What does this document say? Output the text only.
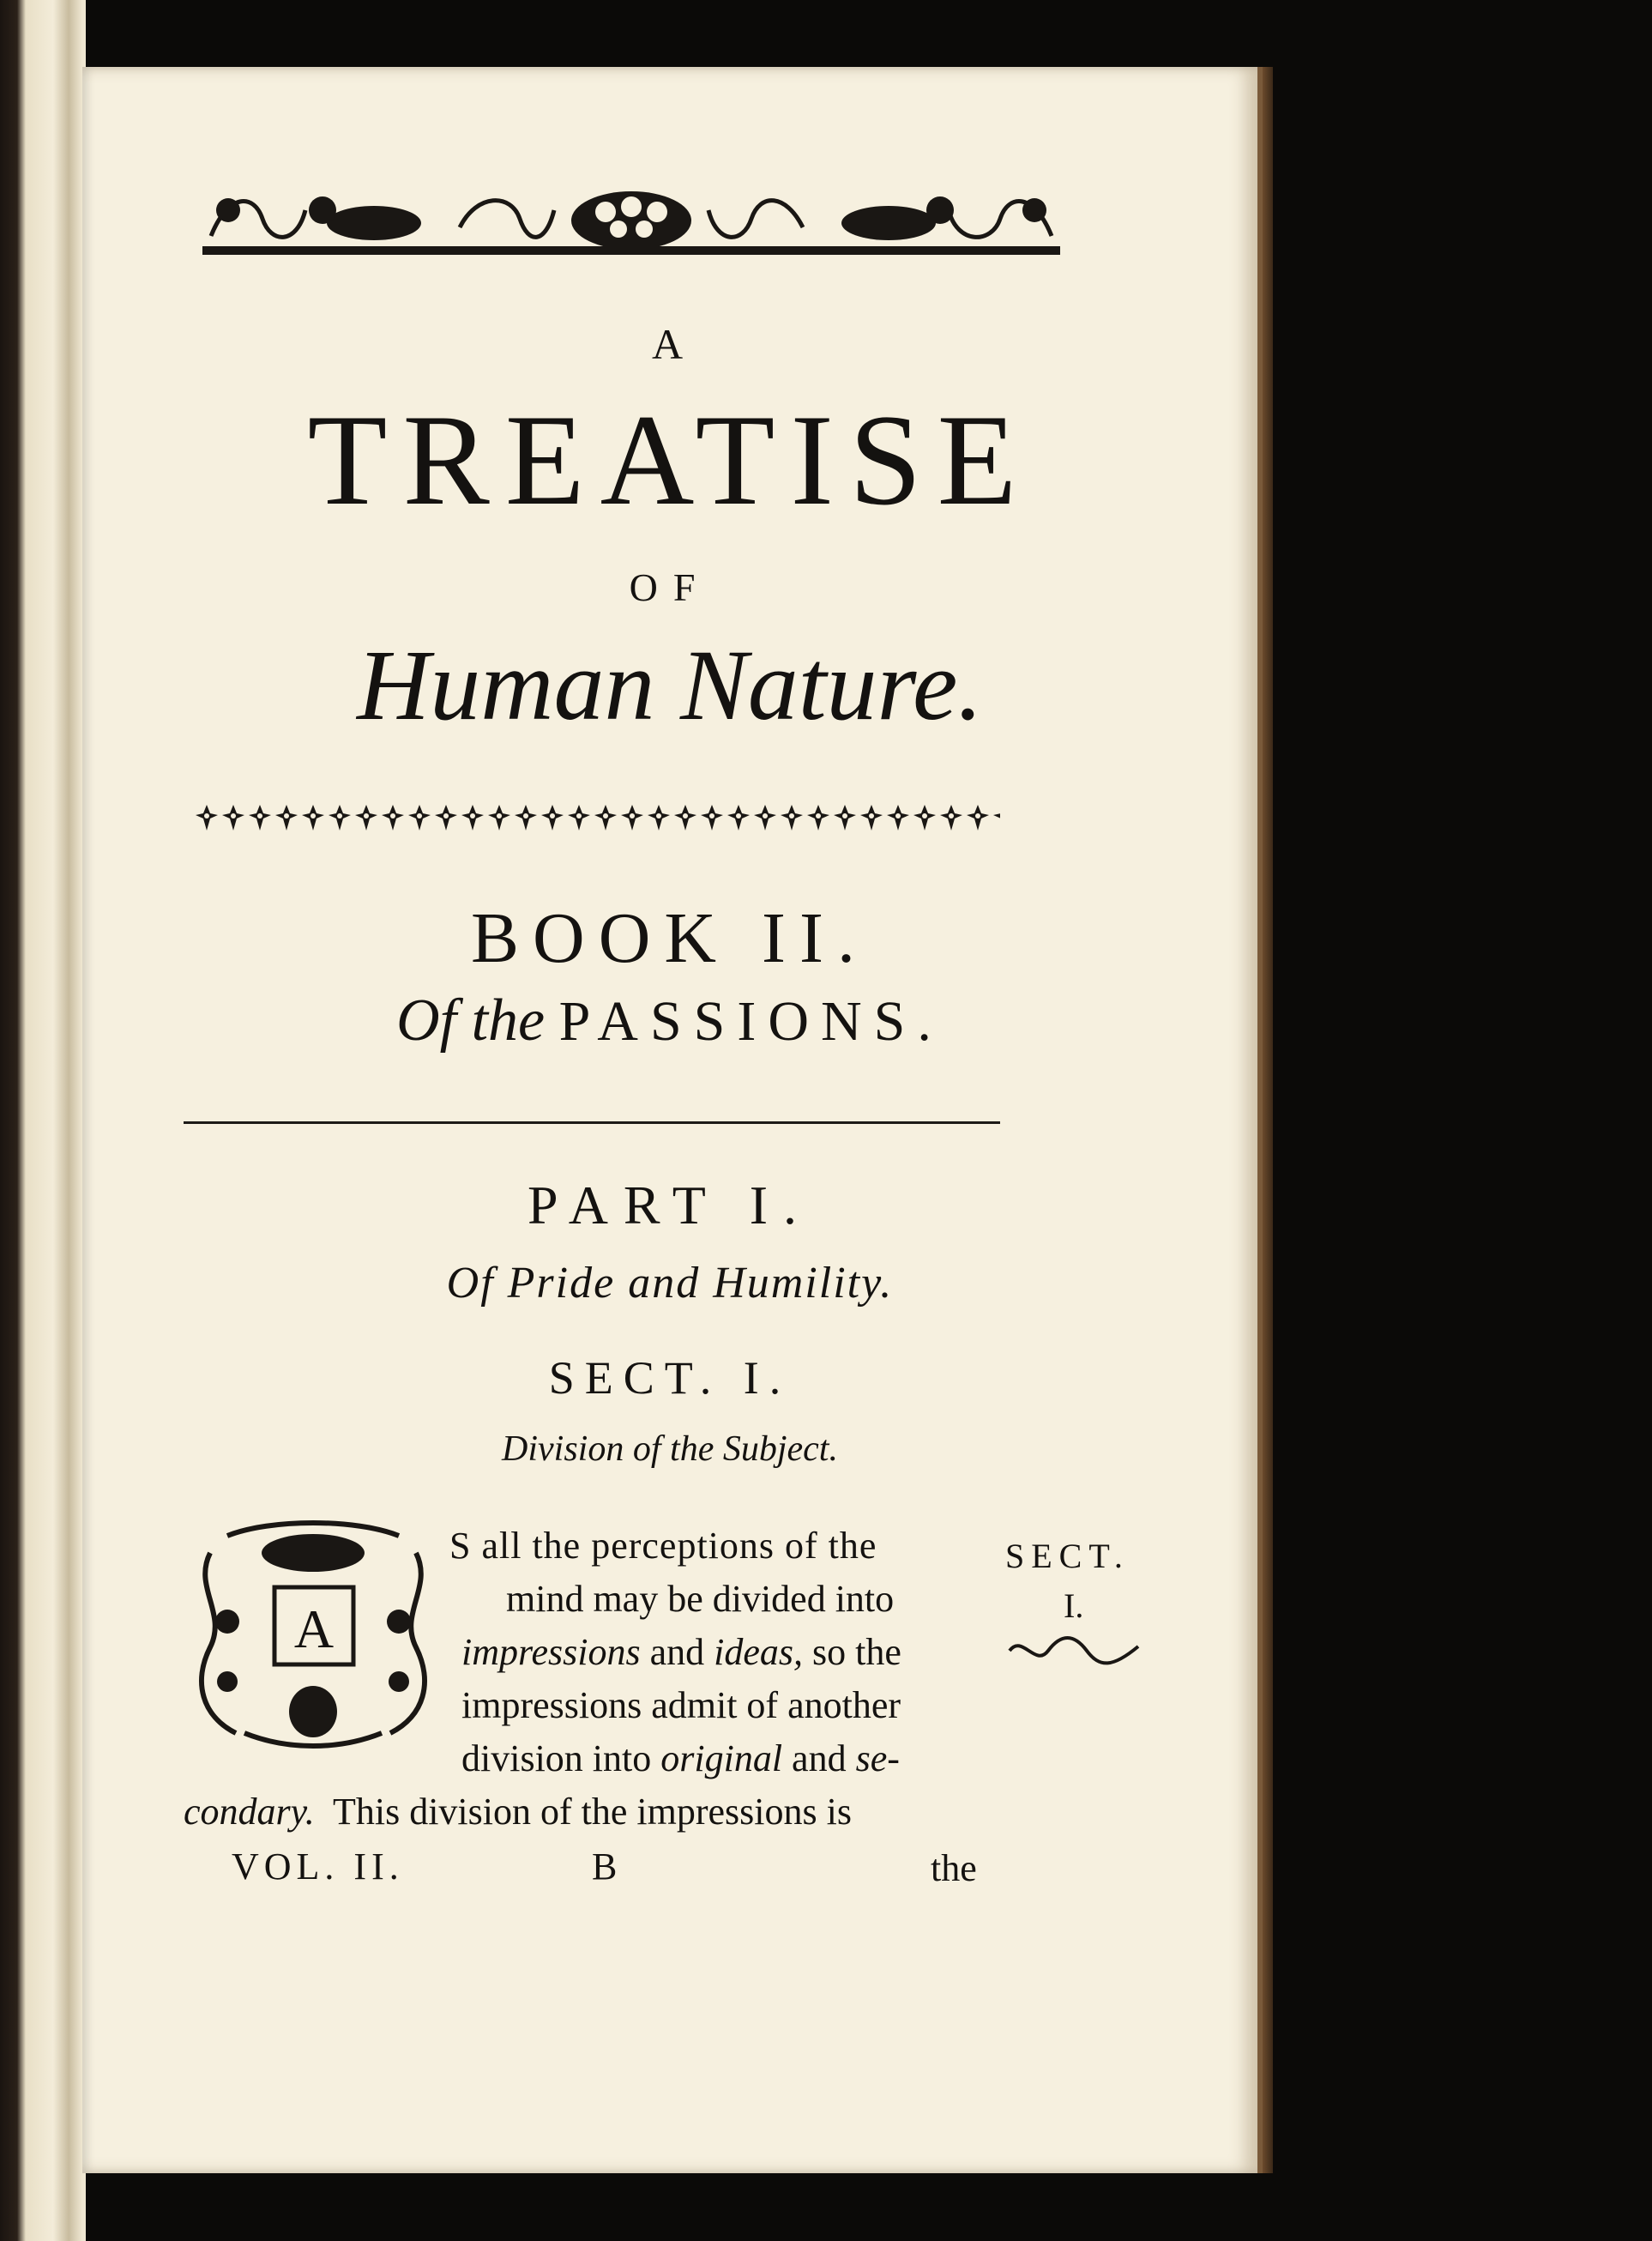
A

TREATISE

OF

Human Nature.

BOOK II.

Of the PASSIONS.

PART I.

Of Pride and Humility.

SECT. I.

Division of the Subject.

A

S all the perceptions of the

mind may be divided into

impressions and ideas, so the

impressions admit of another

division into original and se-

condary.  This division of the impressions is

VOL. II.	B	the
SECT.
I.
